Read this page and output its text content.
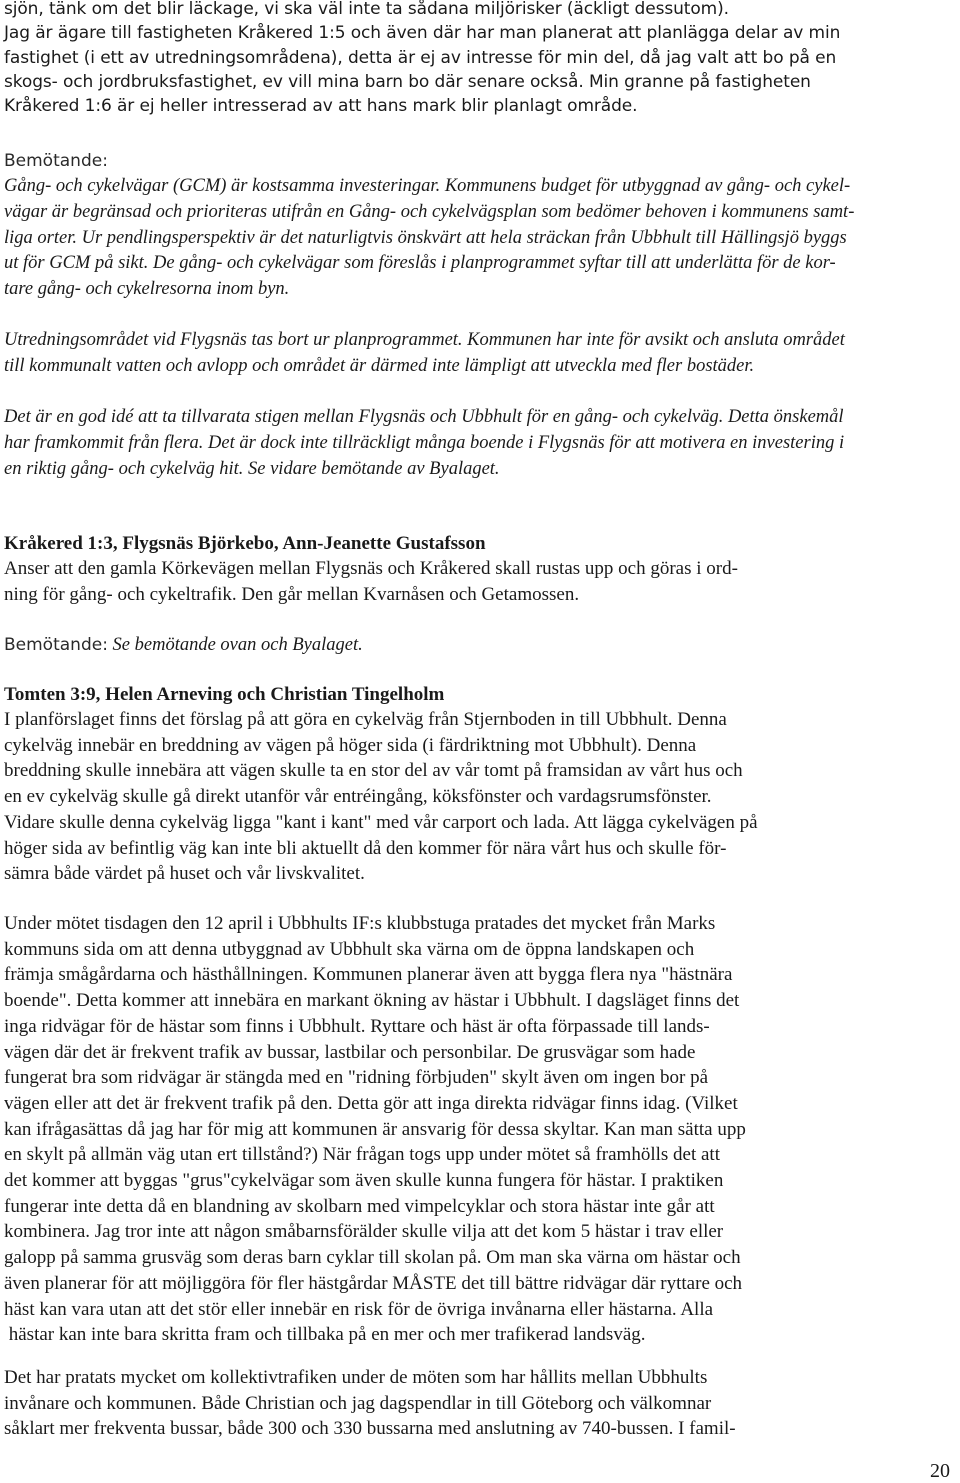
sjön, tänk om det blir läckage, vi ska väl inte ta sådana miljörisker (äckligt dessutom).
Jag är ägare till fastigheten Kråkered 1:5 och även där har man planerat att planlägga delar av min
fastighet (i ett av utredningsområdena), detta är ej av intresse för min del, då jag valt att bo på en
skogs- och jordbruksfastighet, ev vill mina barn bo där senare också. Min granne på fastigheten
Kråkered 1:6 är ej heller intresserad av att hans mark blir planlagt område.

Bemötande:

Gång- och cykelvägar (GCM) är kostsamma investeringar. Kommunens budget för utbyggnad av gång- och cykel-
vägar är begränsad och prioriteras utifrån en Gång- och cykelvägsplan som bedömer behoven i kommunens samt-
liga orter. Ur pendlingsperspektiv är det naturligtvis önskvärt att hela sträckan från Ubbhult till Hällingsjö byggs
ut för GCM på sikt. De gång- och cykelvägar som föreslås i planprogrammet syftar till att underlätta för de kor-
tare gång- och cykelresorna inom byn.

Utredningsområdet vid Flygsnäs tas bort ur planprogrammet. Kommunen har inte för avsikt och ansluta området
till kommunalt vatten och avlopp och området är därmed inte lämpligt att utveckla med fler bostäder.

Det är en god idé att ta tillvarata stigen mellan Flygsnäs och Ubbhult för en gång- och cykelväg. Detta önskemål
har framkommit från flera. Det är dock inte tillräckligt många boende i Flygsnäs för att motivera en investering i
en riktig gång- och cykelväg hit. Se vidare bemötande av Byalaget.

Kråkered 1:3, Flygsnäs Björkebo, Ann-Jeanette Gustafsson

Anser att den gamla Körkevägen mellan Flygsnäs och Kråkered skall rustas upp och göras i ord-
ning för gång- och cykeltrafik. Den går mellan Kvarnåsen och Getamossen.

Bemötande: Se bemötande ovan och Byalaget.

Tomten 3:9, Helen Arneving och Christian Tingelholm

I planförslaget finns det förslag på att göra en cykelväg från Stjernboden in till Ubbhult. Denna
cykelväg innebär en breddning av vägen på höger sida (i färdriktning mot Ubbhult). Denna
breddning skulle innebära att vägen skulle ta en stor del av vår tomt på framsidan av vårt hus och
en ev cykelväg skulle gå direkt utanför vår entréingång, köksfönster och vardagsrumsfönster.
Vidare skulle denna cykelväg ligga "kant i kant" med vår carport och lada. Att lägga cykelvägen på
höger sida av befintlig väg kan inte bli aktuellt då den kommer för nära vårt hus och skulle för-
sämra både värdet på huset och vår livskvalitet.

Under mötet tisdagen den 12 april i Ubbhults IF:s klubbstuga pratades det mycket från Marks
kommuns sida om att denna utbyggnad av Ubbhult ska värna om de öppna landskapen och
främja smågårdarna och hästhållningen. Kommunen planerar även att bygga flera nya "hästnära
boende". Detta kommer att innebära en markant ökning av hästar i Ubbhult. I dagsläget finns det
inga ridvägar för de hästar som finns i Ubbhult. Ryttare och häst är ofta förpassade till lands-
vägen där det är frekvent trafik av bussar, lastbilar och personbilar. De grusvägar som hade
fungerat bra som ridvägar är stängda med en "ridning förbjuden" skylt även om ingen bor på
vägen eller att det är frekvent trafik på den. Detta gör att inga direkta ridvägar finns idag. (Vilket
kan ifrågasättas då jag har för mig att kommunen är ansvarig för dessa skyltar. Kan man sätta upp
en skylt på allmän väg utan ert tillstånd?) När frågan togs upp under mötet så framhölls det att
det kommer att byggas "grus"cykelvägar som även skulle kunna fungera för hästar. I praktiken
fungerar inte detta då en blandning av skolbarn med vimpelcyklar och stora hästar inte går att
kombinera. Jag tror inte att någon småbarnsförälder skulle vilja att det kom 5 hästar i trav eller
galopp på samma grusväg som deras barn cyklar till skolan på. Om man ska värna om hästar och
även planerar för att möjliggöra för fler hästgårdar MÅSTE det till bättre ridvägar där ryttare och
häst kan vara utan att det stör eller innebär en risk för de övriga invånarna eller hästarna. Alla
hästar kan inte bara skritta fram och tillbaka på en mer och mer trafikerad landsväg.

Det har pratats mycket om kollektivtrafiken under de möten som har hållits mellan Ubbhults
invånare och kommunen. Både Christian och jag dagspendlar in till Göteborg och välkomnar
såklart mer frekventa bussar, både 300 och 330 bussarna med anslutning av 740-bussen. I famil-

20
